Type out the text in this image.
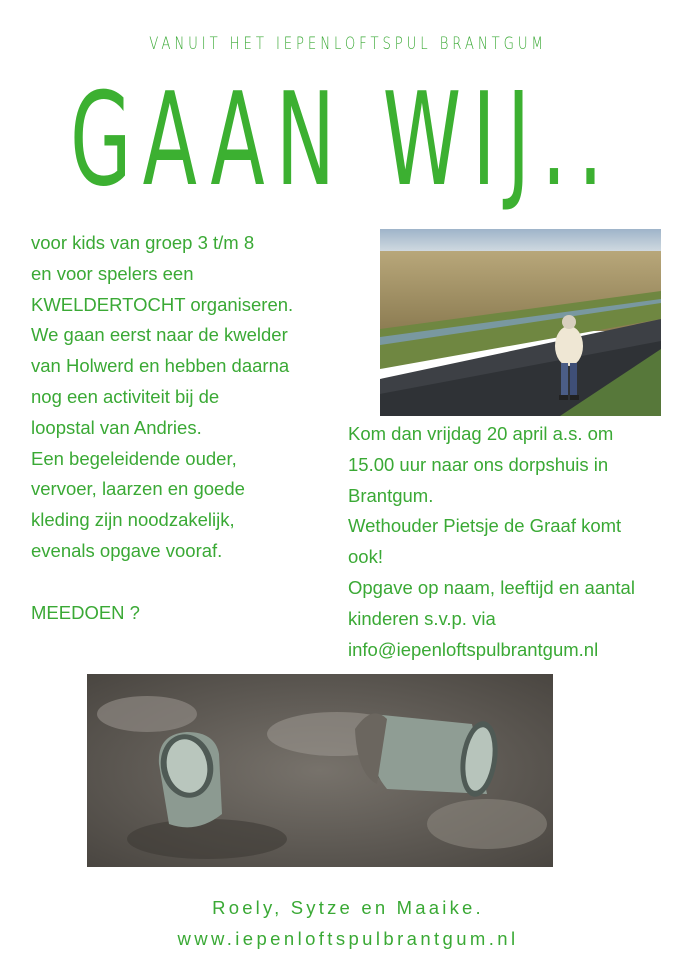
VANUIT HET IEPENLOFTSPUL BRANTGUM
GAAN WIJ..

voor kids van groep 3 t/m 8

en voor spelers een

KWELDERTOCHT organiseren.

We gaan eerst naar de kwelder

van Holwerd en hebben daarna

nog een activiteit bij de

loopstal van Andries.

Een begeleidende ouder,

vervoer, laarzen en goede

kleding zijn noodzakelijk,

evenals opgave vooraf.

MEEDOEN ?

Kom dan vrijdag 20 april a.s. om

15.00 uur naar ons dorpshuis in

Brantgum.

Wethouder Pietsje de Graaf komt

ook!

Opgave op naam, leeftijd en aantal

kinderen s.v.p. via

info@iepenloftspulbrantgum.nl

Roely, Sytze en Maaike.
www.iepenloftspulbrantgum.nl
